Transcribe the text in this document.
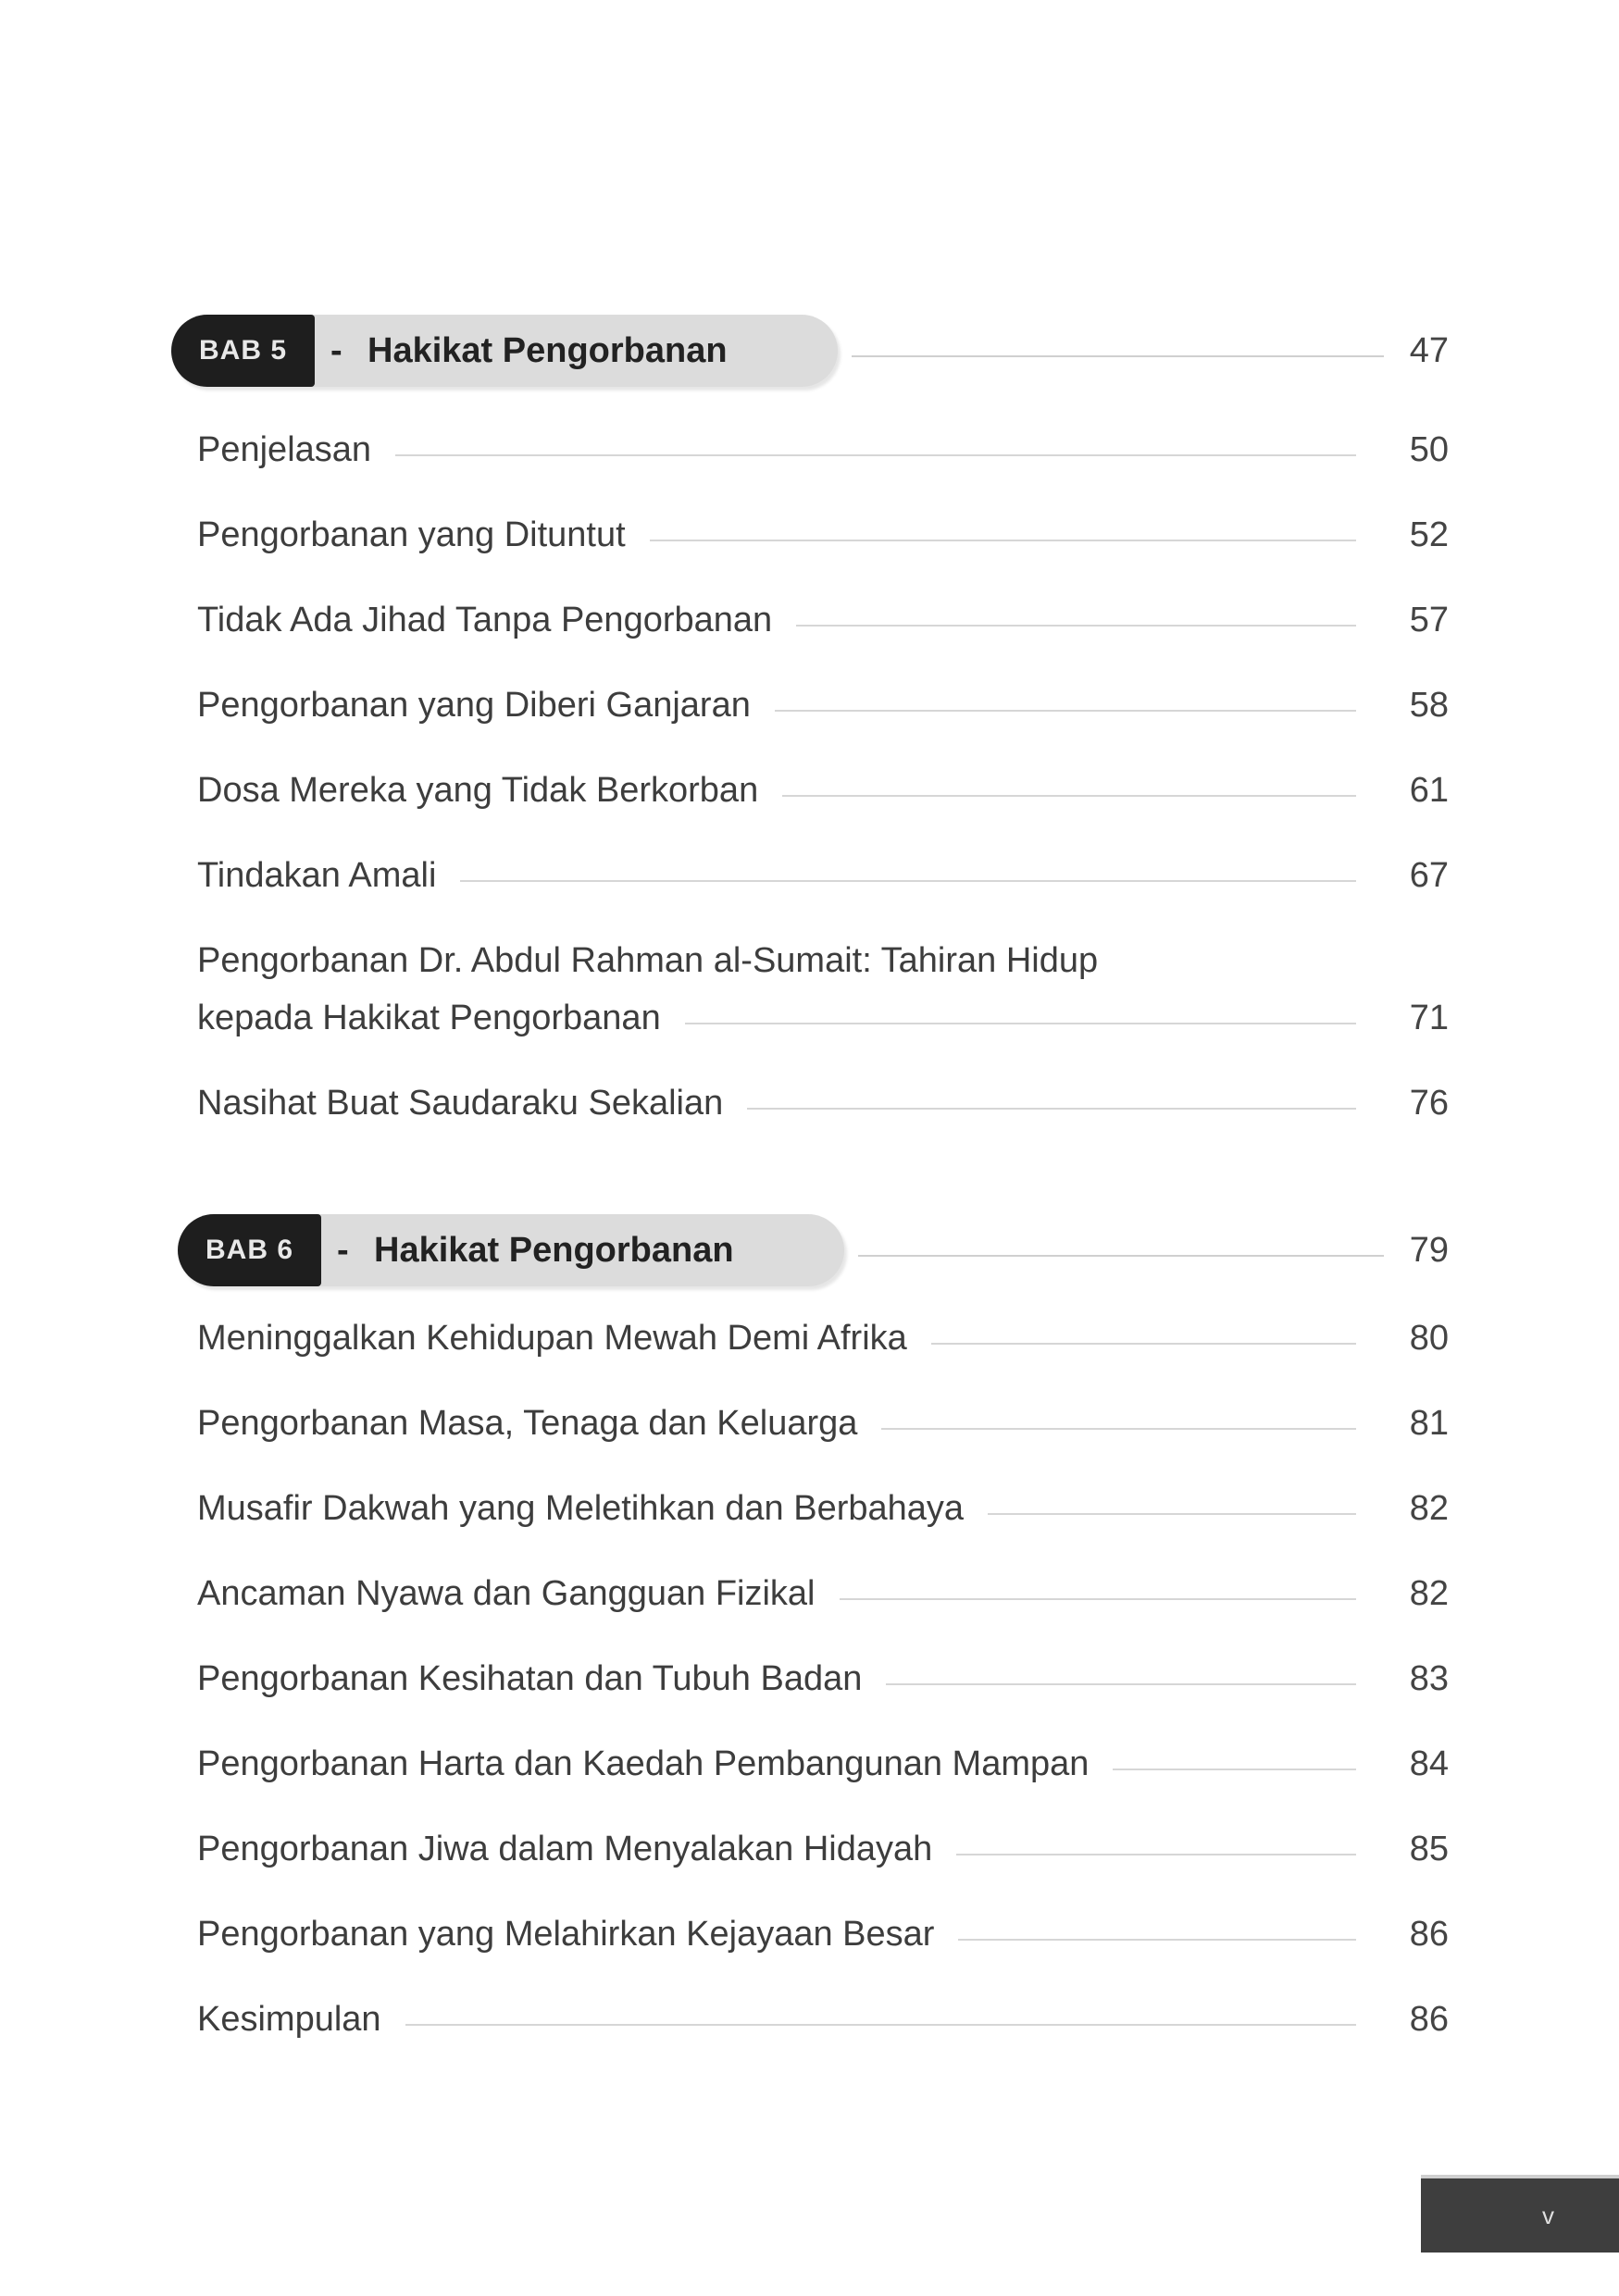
BAB 5	- Hakikat Pengorbanan	47
Penjelasan	50
Pengorbanan yang Dituntut	52
Tidak Ada Jihad Tanpa Pengorbanan	57
Pengorbanan yang Diberi Ganjaran	58
Dosa Mereka yang Tidak Berkorban	61
Tindakan Amali	67
Pengorbanan Dr. Abdul Rahman al-Sumait: Tahiran Hidup
kepada Hakikat Pengorbanan	71
Nasihat Buat Saudaraku Sekalian	76
BAB 6	- Hakikat Pengorbanan	79
Meninggalkan Kehidupan Mewah Demi Afrika	80
Pengorbanan Masa, Tenaga dan Keluarga	81
Musafir Dakwah yang Meletihkan dan Berbahaya	82
Ancaman Nyawa dan Gangguan Fizikal	82
Pengorbanan Kesihatan dan Tubuh Badan	83
Pengorbanan Harta dan Kaedah Pembangunan Mampan	84
Pengorbanan Jiwa dalam Menyalakan Hidayah	85
Pengorbanan yang Melahirkan Kejayaan Besar	86
Kesimpulan	86
v
